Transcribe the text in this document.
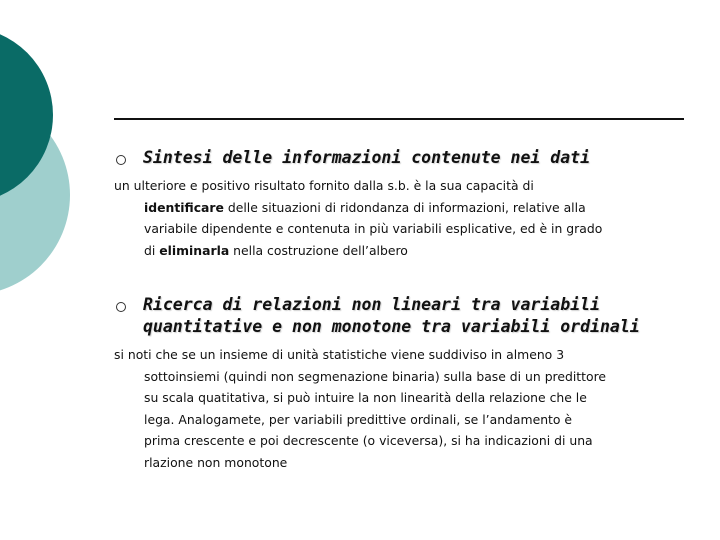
Sintesi delle informazioni contenute nei dati
un ulteriore e positivo risultato fornito dalla s.b. è la sua capacità di
identificare delle situazioni di ridondanza di informazioni, relative alla
variabile dipendente e contenuta in più variabili esplicative, ed è in grado
di eliminarla nella costruzione dell’albero
Ricerca di relazioni non lineari tra variabili
quantitative e non monotone tra variabili ordinali
si noti che se un insieme di unità statistiche viene suddiviso in almeno 3
sottoinsiemi (quindi non segmenazione binaria) sulla base di un predittore
su scala quatitativa, si può intuire la non linearità della relazione che le
lega. Analogamete, per variabili predittive ordinali, se l’andamento è
prima crescente e poi decrescente (o viceversa), si ha indicazioni di una
rlazione non monotone
